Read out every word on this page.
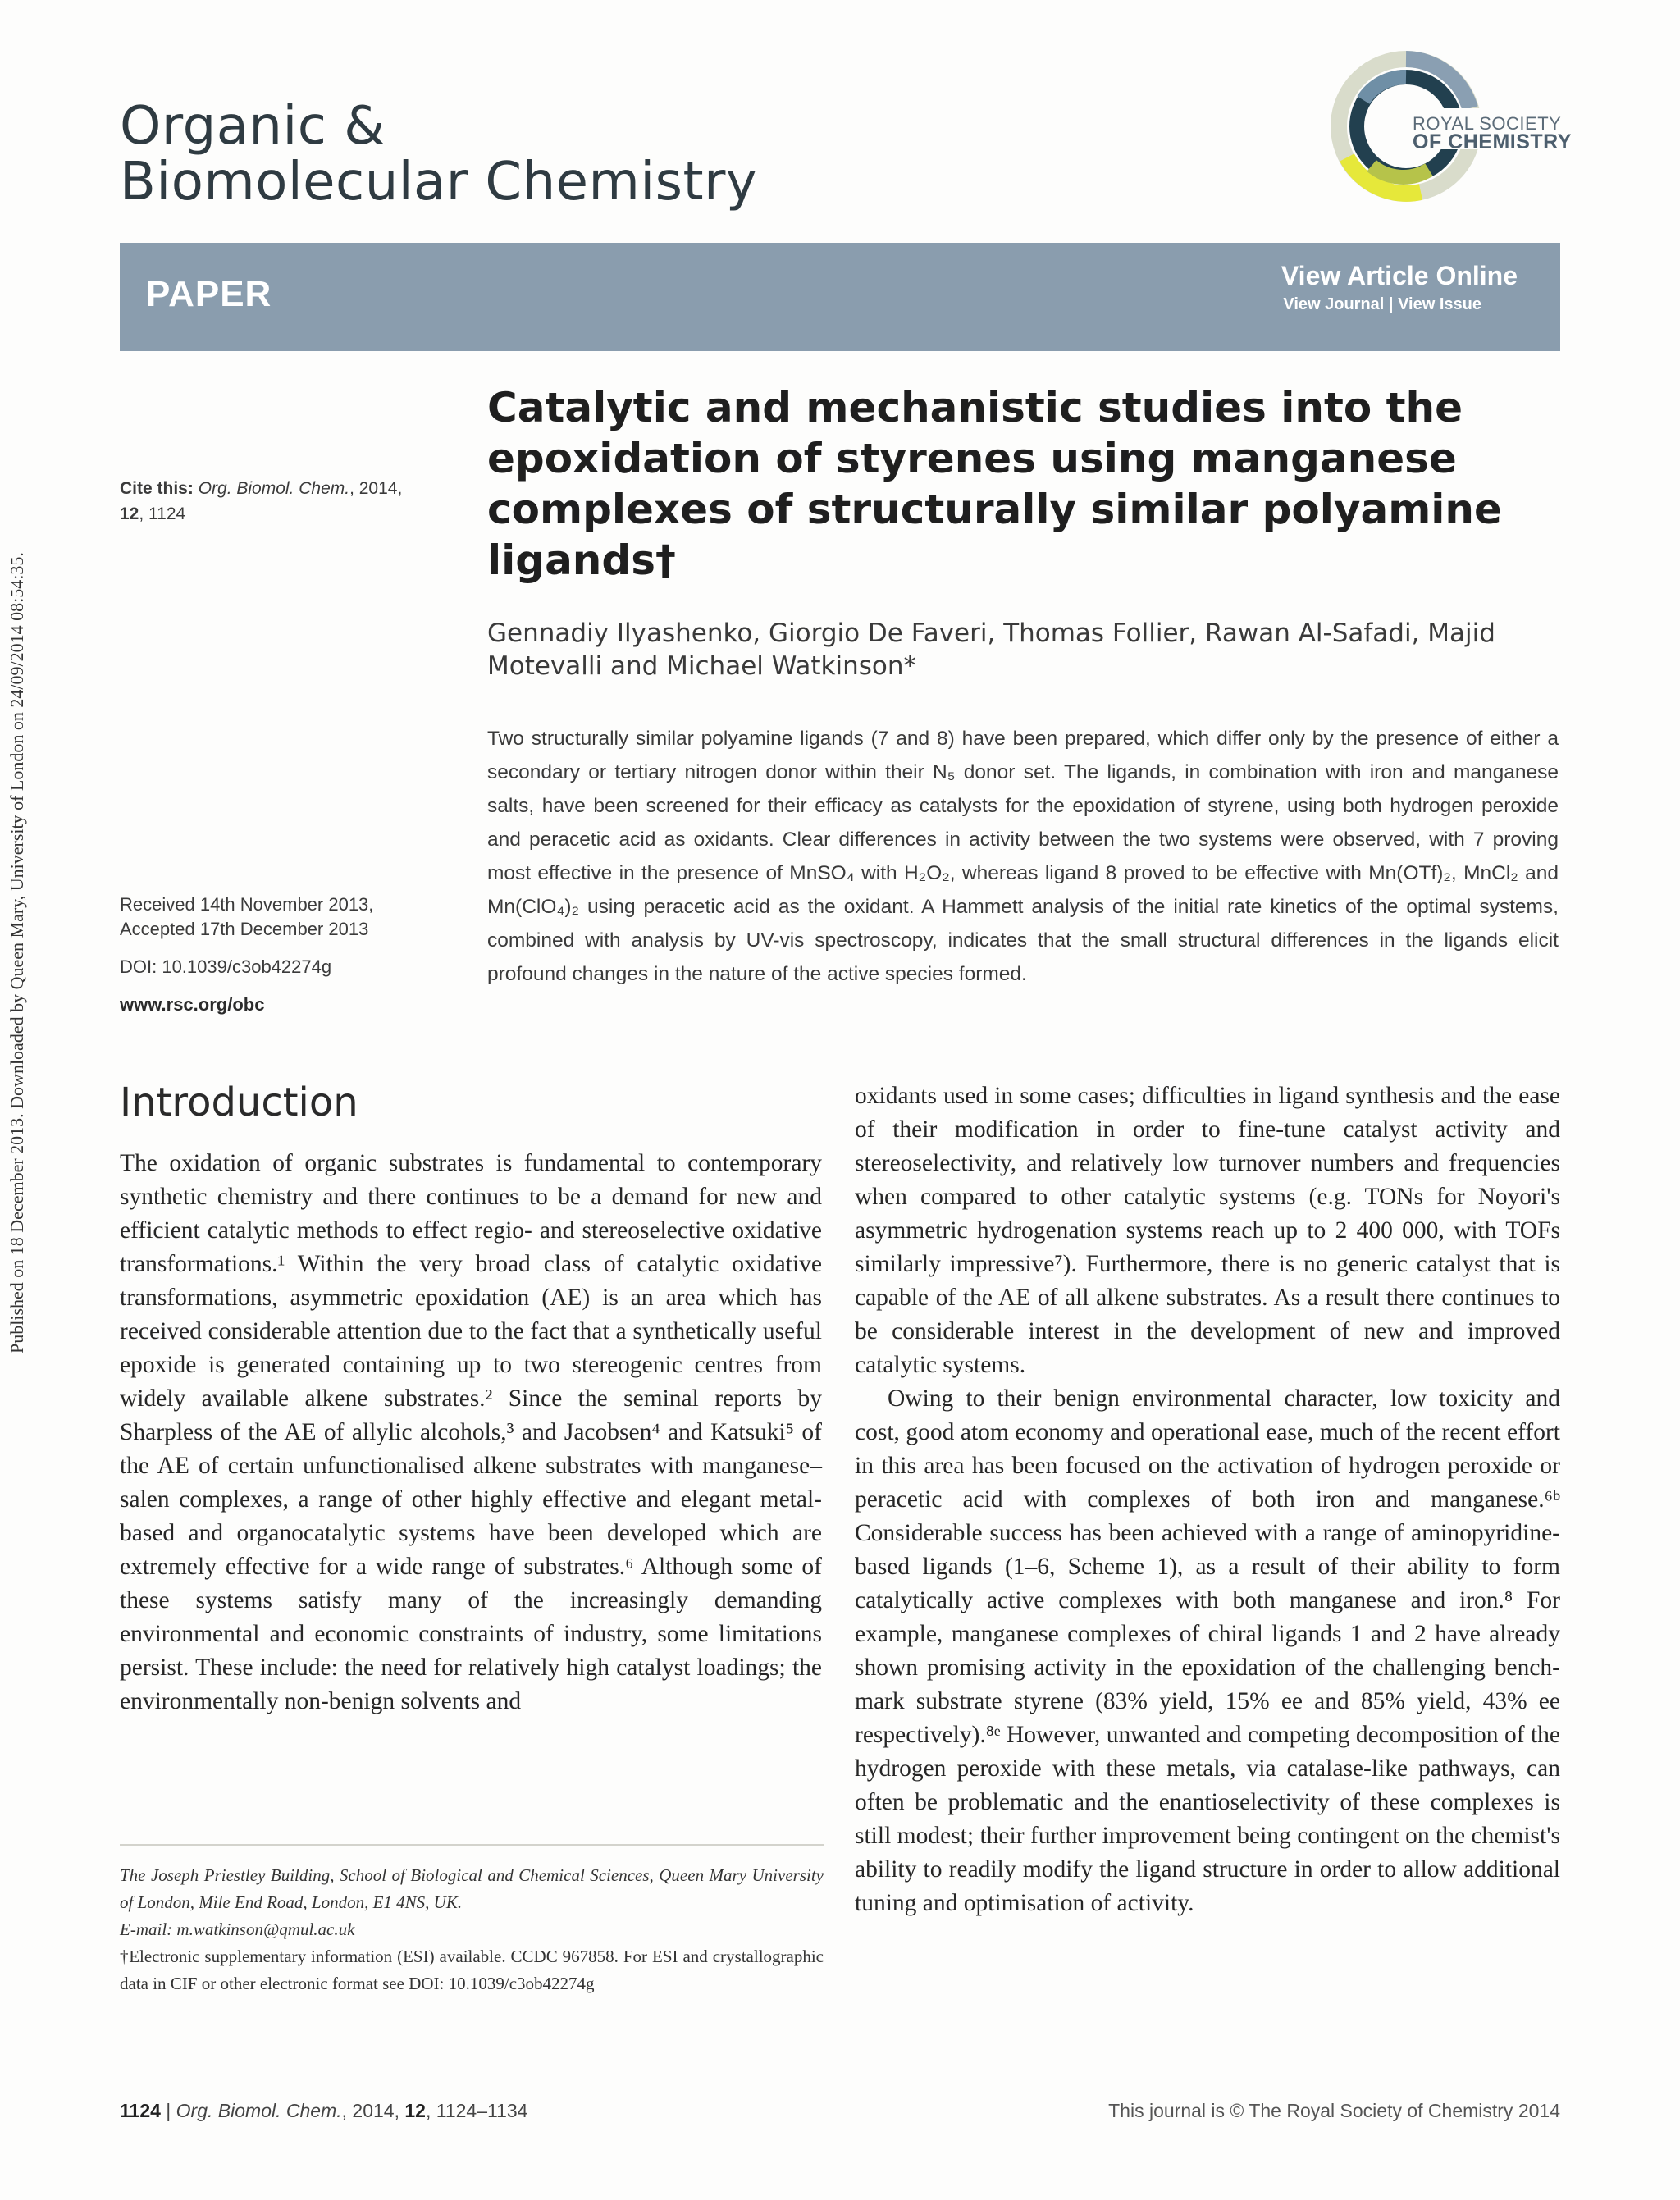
Organic &
Biomolecular Chemistry
ROYAL SOCIETY
OF CHEMISTRY
PAPER	View Article Online
View Journal | View Issue
Published on 18 December 2013. Downloaded by Queen Mary, University of London on 24/09/2014 08:54:35.
Cite this: Org. Biomol. Chem., 2014,
12, 1124
Received 14th November 2013,
Accepted 17th December 2013
DOI: 10.1039/c3ob42274g
www.rsc.org/obc
Catalytic and mechanistic studies into the epoxidation of styrenes using manganese complexes of structurally similar polyamine ligands†
Gennadiy Ilyashenko, Giorgio De Faveri, Thomas Follier, Rawan Al-Safadi, Majid Motevalli and Michael Watkinson*
Two structurally similar polyamine ligands (7 and 8) have been prepared, which differ only by the presence of either a secondary or tertiary nitrogen donor within their N₅ donor set. The ligands, in combination with iron and manganese salts, have been screened for their efficacy as catalysts for the epoxidation of styrene, using both hydrogen peroxide and peracetic acid as oxidants. Clear differences in activity between the two systems were observed, with 7 proving most effective in the presence of MnSO₄ with H₂O₂, whereas ligand 8 proved to be effective with Mn(OTf)₂, MnCl₂ and Mn(ClO₄)₂ using peracetic acid as the oxidant. A Hammett analysis of the initial rate kinetics of the optimal systems, combined with analysis by UV-vis spectroscopy, indicates that the small structural differences in the ligands elicit profound changes in the nature of the active species formed.
Introduction

The oxidation of organic substrates is fundamental to contemporary synthetic chemistry and there continues to be a demand for new and efficient catalytic methods to effect regio- and stereoselective oxidative transformations.¹ Within the very broad class of catalytic oxidative transformations, asymmetric epoxidation (AE) is an area which has received considerable attention due to the fact that a synthetically useful epoxide is generated containing up to two stereogenic centres from widely available alkene substrates.² Since the seminal reports by Sharpless of the AE of allylic alcohols,³ and Jacobsen⁴ and Katsuki⁵ of the AE of certain unfunctionalised alkene substrates with manganese–salen complexes, a range of other highly effective and elegant metal-based and organocatalytic systems have been developed which are extremely effective for a wide range of substrates.⁶ Although some of these systems satisfy many of the increasingly demanding environmental and economic constraints of industry, some limitations persist. These include: the need for relatively high catalyst loadings; the environmentally non-benign solvents and

oxidants used in some cases; difficulties in ligand synthesis and the ease of their modification in order to fine-tune catalyst activity and stereoselectivity, and relatively low turnover numbers and frequencies when compared to other catalytic systems (e.g. TONs for Noyori's asymmetric hydrogenation systems reach up to 2 400 000, with TOFs similarly impressive⁷). Furthermore, there is no generic catalyst that is capable of the AE of all alkene substrates. As a result there continues to be considerable interest in the development of new and improved catalytic systems.

Owing to their benign environmental character, low toxicity and cost, good atom economy and operational ease, much of the recent effort in this area has been focused on the activation of hydrogen peroxide or peracetic acid with complexes of both iron and manganese.⁶ᵇ Considerable success has been achieved with a range of aminopyridine-based ligands (1–6, Scheme 1), as a result of their ability to form catalytically active complexes with both manganese and iron.⁸ For example, manganese complexes of chiral ligands 1 and 2 have already shown promising activity in the epoxidation of the challenging bench-mark substrate styrene (83% yield, 15% ee and 85% yield, 43% ee respectively).⁸ᵉ However, unwanted and competing decomposition of the hydrogen peroxide with these metals, via catalase-like pathways, can often be problematic and the enantioselectivity of these complexes is still modest; their further improvement being contingent on the chemist's ability to readily modify the ligand structure in order to allow additional tuning and optimisation of activity.

The Joseph Priestley Building, School of Biological and Chemical Sciences, Queen Mary University of London, Mile End Road, London, E1 4NS, UK.
E-mail: m.watkinson@qmul.ac.uk
†Electronic supplementary information (ESI) available. CCDC 967858. For ESI and crystallographic data in CIF or other electronic format see DOI: 10.1039/c3ob42274g
1124 | Org. Biomol. Chem., 2014, 12, 1124–1134	This journal is © The Royal Society of Chemistry 2014
